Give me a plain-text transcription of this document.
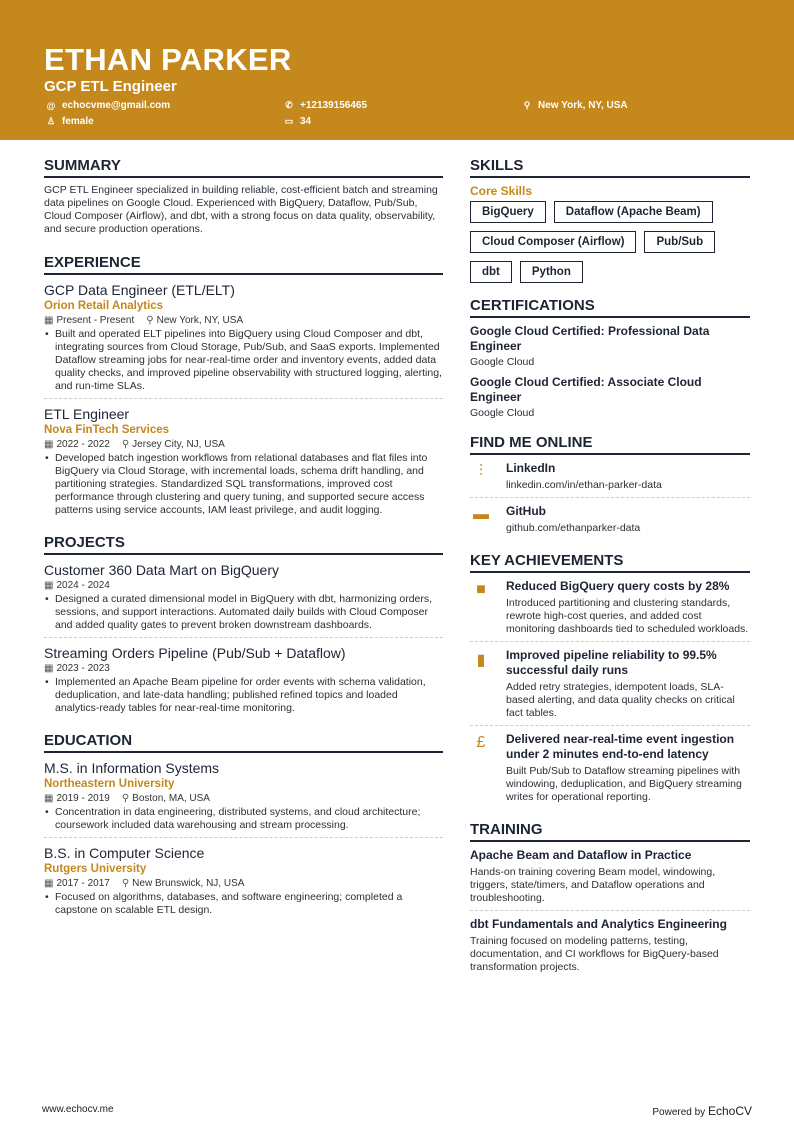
ETHAN PARKER
GCP ETL Engineer
@ echocvme@gmail.com	✆ +12139156465	⚲ New York, NY, USA
♙ female	▭ 34
SUMMARY
GCP ETL Engineer specialized in building reliable, cost-efficient batch and streaming data pipelines on Google Cloud. Experienced with BigQuery, Dataflow, Pub/Sub, Cloud Composer (Airflow), and dbt, with a strong focus on data quality, observability, and secure production operations.
EXPERIENCE
GCP Data Engineer (ETL/ELT)
Orion Retail Analytics
▦ Present - Present ⚲ New York, NY, USA
• Built and operated ELT pipelines into BigQuery using Cloud Composer and dbt, integrating sources from Cloud Storage, Pub/Sub, and SaaS exports. Implemented Dataflow streaming jobs for near-real-time order and inventory events, added data quality checks, and improved pipeline observability with structured logging, alerting, and run-time SLAs.
ETL Engineer
Nova FinTech Services
▦ 2022 - 2022 ⚲ Jersey City, NJ, USA
• Developed batch ingestion workflows from relational databases and flat files into BigQuery via Cloud Storage, with incremental loads, schema drift handling, and partitioning strategies. Standardized SQL transformations, improved cost performance through clustering and query tuning, and supported secure access patterns using service accounts, IAM least privilege, and audit logging.
PROJECTS
Customer 360 Data Mart on BigQuery
▦ 2024 - 2024
• Designed a curated dimensional model in BigQuery with dbt, harmonizing orders, sessions, and support interactions. Automated daily builds with Cloud Composer and added quality gates to prevent broken downstream dashboards.
Streaming Orders Pipeline (Pub/Sub + Dataflow)
▦ 2023 - 2023
• Implemented an Apache Beam pipeline for order events with schema validation, deduplication, and late-data handling; published refined topics and loaded analytics-ready tables for near-real-time monitoring.
EDUCATION
M.S. in Information Systems
Northeastern University
▦ 2019 - 2019 ⚲ Boston, MA, USA
• Concentration in data engineering, distributed systems, and cloud architecture; coursework included data warehousing and stream processing.
B.S. in Computer Science
Rutgers University
▦ 2017 - 2017 ⚲ New Brunswick, NJ, USA
• Focused on algorithms, databases, and software engineering; completed a capstone on scalable ETL design.
SKILLS
Core Skills
BigQuery	Dataflow (Apache Beam)
Cloud Composer (Airflow)	Pub/Sub
dbt	Python
CERTIFICATIONS
Google Cloud Certified: Professional Data Engineer
Google Cloud
Google Cloud Certified: Associate Cloud Engineer
Google Cloud
FIND ME ONLINE
⫶	LinkedIn
linkedin.com/in/ethan-parker-data
▬ GitHub
github.com/ethanparker-data
KEY ACHIEVEMENTS
■	Reduced BigQuery query costs by 28%
Introduced partitioning and clustering standards, rewrote high-cost queries, and added cost monitoring dashboards tied to scheduled workloads.
▮	Improved pipeline reliability to 99.5% successful daily runs
Added retry strategies, idempotent loads, SLA-based alerting, and data quality checks on critical fact tables.
£	Delivered near-real-time event ingestion under 2 minutes end-to-end latency
Built Pub/Sub to Dataflow streaming pipelines with windowing, deduplication, and BigQuery streaming writes for operational reporting.
TRAINING
Apache Beam and Dataflow in Practice
Hands-on training covering Beam model, windowing, triggers, state/timers, and Dataflow operations and troubleshooting.
dbt Fundamentals and Analytics Engineering
Training focused on modeling patterns, testing, documentation, and CI workflows for BigQuery-based transformation projects.
www.echocv.me	Powered by EchoCV
